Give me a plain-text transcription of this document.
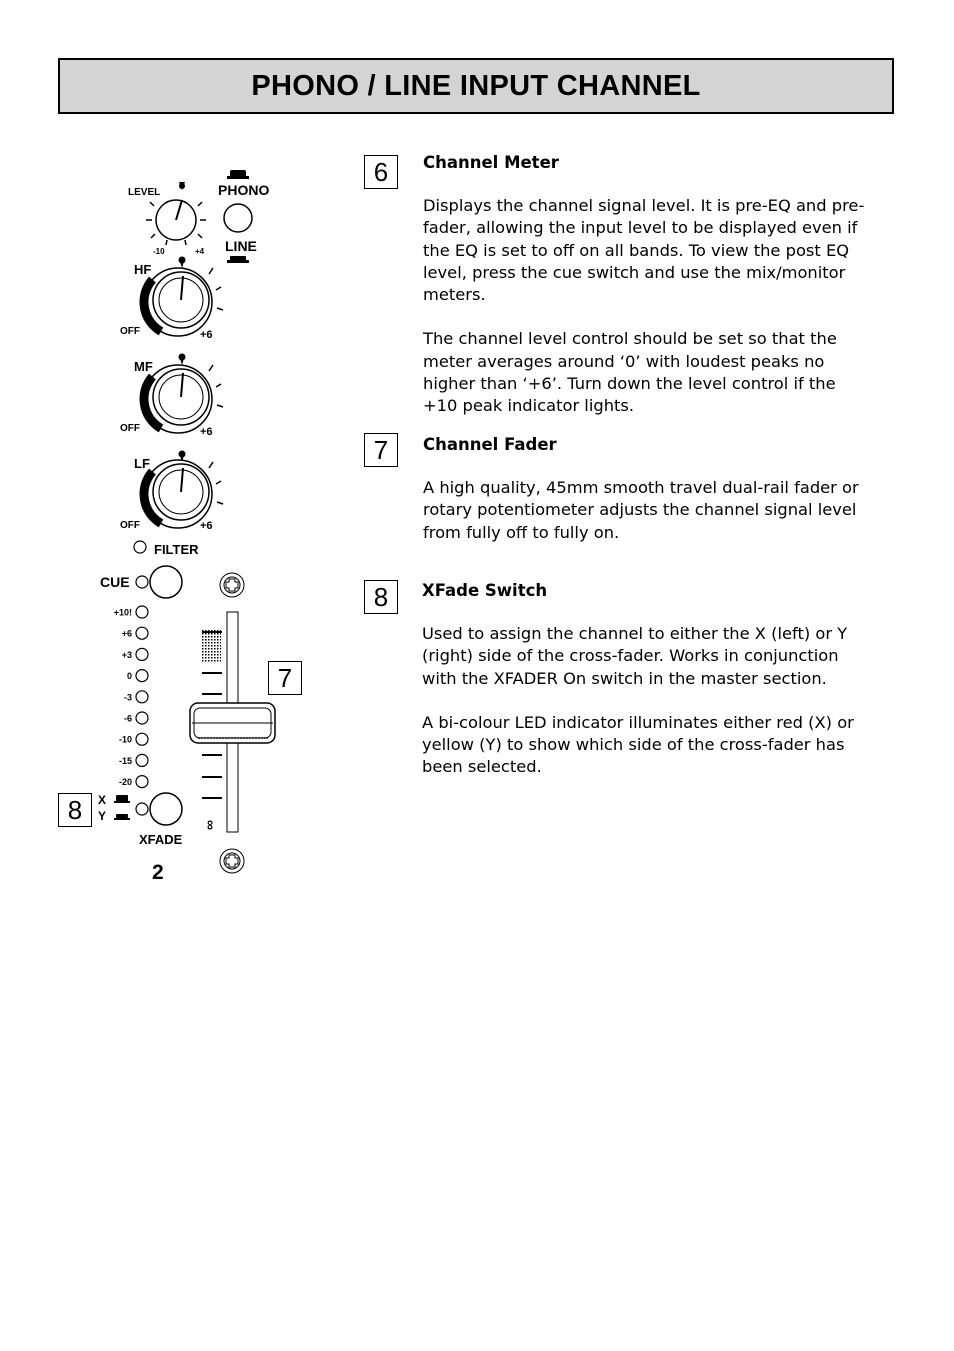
PHONO / LINE INPUT CHANNEL
LEVEL
-10	+4
PHONO
LINE
HF
OFF	+6
MF
OFF	+6
LF
OFF	+6
FILTER
CUE
+10!
+6
+3
0
-3
-6
-10
-15
-20
X
Y
XFADE
2
∞
7
8
6	Channel Meter

Displays the channel signal level. It is pre-EQ and pre-fader, allowing the input level to be displayed even if the EQ is set to off on all bands. To view the post EQ level, press the cue switch and use the mix/monitor meters.

The channel level control should be set so that the meter averages around ‘0’ with loudest peaks no higher than ‘+6’. Turn down the level control if the +10 peak indicator lights.

7	Channel Fader

A high quality, 45mm smooth travel dual-rail fader or rotary potentiometer adjusts the channel signal level from fully off to fully on.

8	XFade Switch

Used to assign the channel to either the X (left) or Y (right) side of the cross-fader. Works in conjunction with the XFADER On switch in the master section.

A bi-colour LED indicator illuminates either red (X) or yellow (Y) to show which side of the cross-fader has been selected.
